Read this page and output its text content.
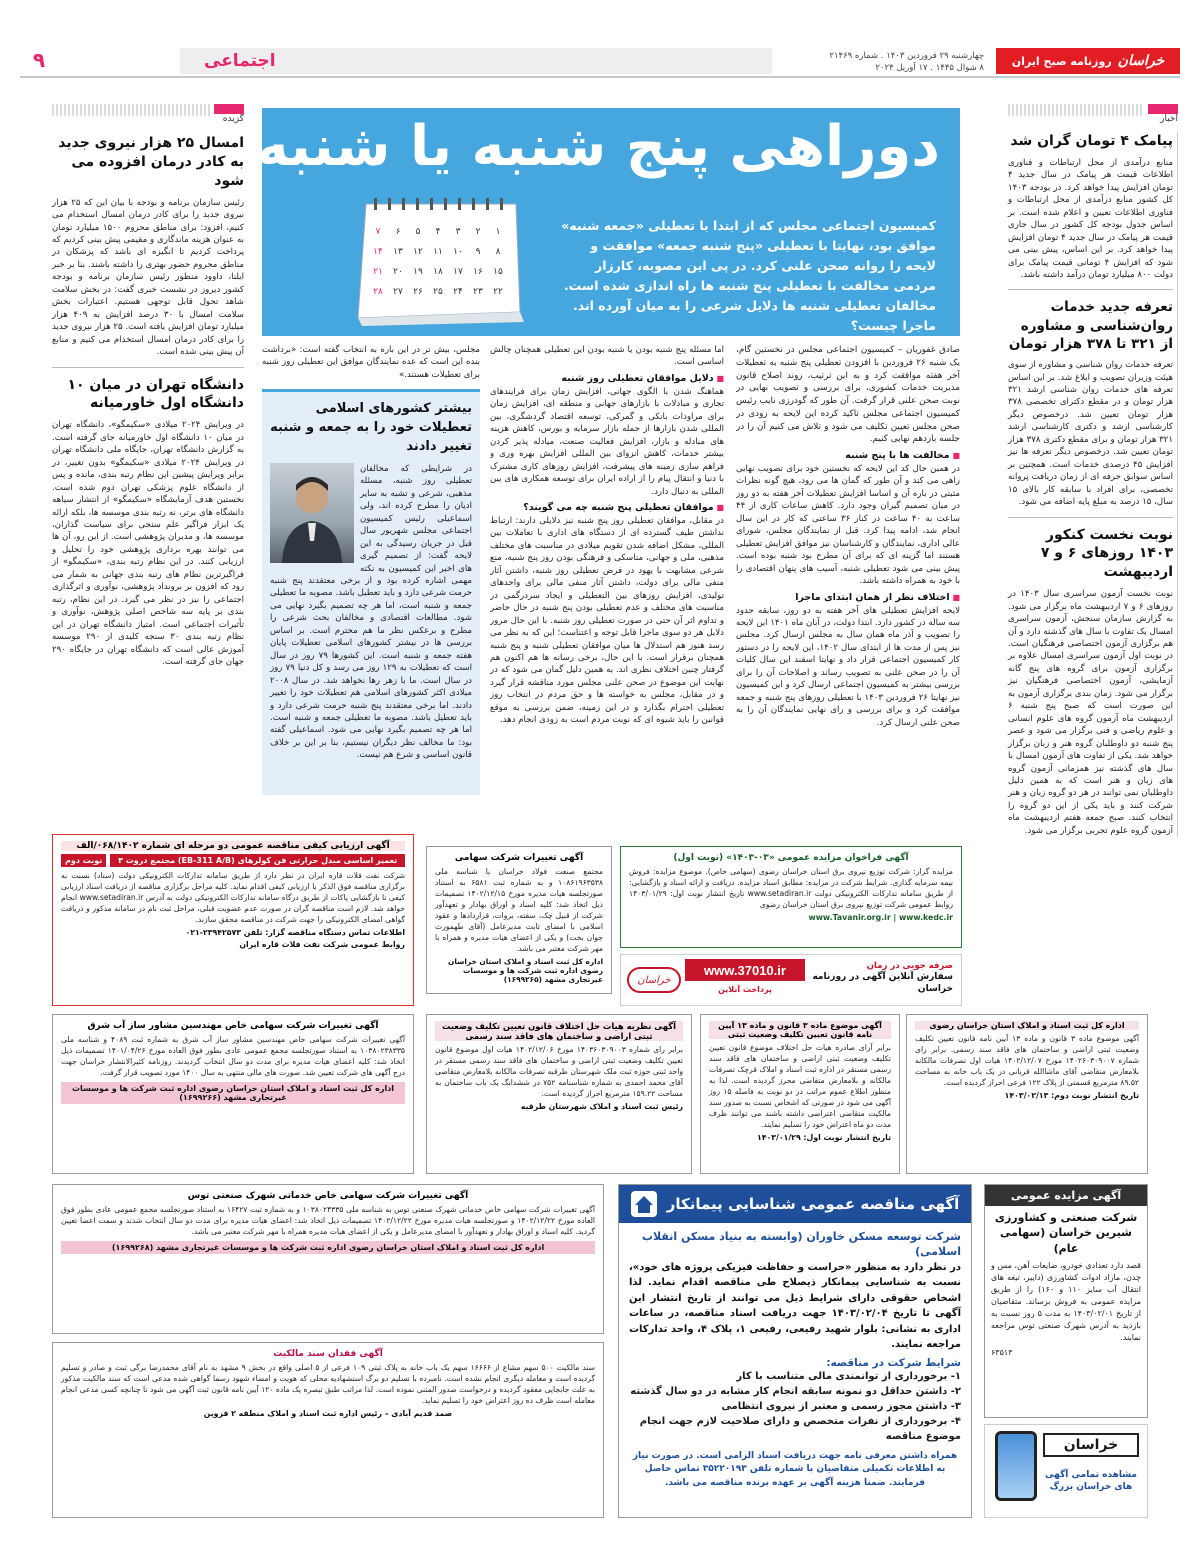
خراسان
روزنامه صبح ایران
چهارشنبه ۲۹ فروردین ۱۴۰۳ . شماره ۲۱۴۶۹
۸ شوال ۱۴۴۵ . ۱۷ آوریل ۲۰۲۴
اجتماعی
۹
اخبار
پیامک ۴ تومان گران شد

منابع درآمدی از محل ارتباطات و فناوری اطلاعات قیمت هر پیامک در سال جدید ۴ تومان افزایش پیدا خواهد کرد. در بودجه ۱۴۰۳ کل کشور منابع درآمدی از محل ارتباطات و فناوری اطلاعات تعیین و اعلام شده است. بر اساس جدول بودجه کل کشور در سال جاری قیمت هر پیامک در سال جدید ۴ تومان افزایش پیدا خواهد کرد. بر این اساس، پیش بینی می شود که افزایش ۴ تومانی قیمت پیامک برای دولت ۸۰۰ میلیارد تومان درآمد داشته باشد.

تعرفه جدید خدمات روان‌شناسی و مشاوره از ۳۲۱ تا ۳۷۸ هزار تومان

تعرفه خدمات روان شناسی و مشاوره از سوی هیئت وزیران تصویب و ابلاغ شد. بر این اساس تعرفه های خدمات روان شناسی ارشد ۳۲۱ هزار تومان و در مقطع دکترای تخصصی ۳۷۸ هزار تومان تعیین شد. درخصوص دیگر کارشناسی ارشد و دکتری کارشناسی ارشد ۳۲۱ هزار تومان و برای مقطع دکتری ۳۷۸ هزار تومان تعیین شد. درخصوص دیگر تعرفه ها نیز افزایش ۴۵ درصدی خدمات است. همچنین بر اساس سوابق حرفه ای از زمان دریافت پروانه تخصصی، برای افراد با سابقه کار بالای ۱۵ سال، ۱۵ درصد به مبلغ پایه اضافه می شود.

نوبت نخست کنکور ۱۴۰۳ روزهای ۶ و ۷ اردیبهشت

نوبت نخست آزمون سراسری سال ۱۴۰۳ در روزهای ۶ و ۷ اردیبهشت ماه برگزار می شود. به گزارش سازمان سنجش، آزمون سراسری امسال یک تفاوت با سال های گذشته دارد و آن هم برگزاری آزمون اختصاصی فرهنگیان است. در نوبت اول آزمون سراسری امسال علاوه بر برگزاری آزمون برای گروه های پنج گانه آزمایشی، آزمون اختصاصی فرهنگیان نیز برگزار می شود. زمان بندی برگزاری آزمون به این صورت است که صبح پنج شنبه ۶ اردیبهشت ماه آزمون گروه های علوم انسانی و علوم ریاضی و فنی برگزار می شود و عصر پنج شنبه دو داوطلبان گروه هنر و زبان برگزار خواهد شد. یکی از تفاوت های آزمون امسال با سال های گذشته نیز همزمانی آزمون گروه های زبان و هنر است که به همین دلیل داوطلبان نمی توانند در هر دو گروه زبان و هنر شرکت کنند و باید یکی از این دو گروه را انتخاب کنند. صبح جمعه هفتم اردیبهشت ماه آزمون گروه علوم تجربی برگزار می شود.

گزیده
امسال ۲۵ هزار نیروی جدید به کادر درمان افزوده می شود

رئیس سازمان برنامه و بودجه با بیان این که ۲۵ هزار نیروی جدید را برای کادر درمان امسال استخدام می کنیم، افزود: برای مناطق محروم ۱۵۰۰ میلیارد تومان به عنوان هزینه ماندگاری و مقیمی پیش بینی کردیم که پرداخت کردیم تا انگیزه ای باشد که پزشکان در مناطق محروم حضور بهتری را داشته باشند. بنا بر خبر ایلنا، داوود منظور رئیس سازمان برنامه و بودجه کشور دیروز در نشست خبری گفت: در بخش سلامت شاهد تحول قابل توجهی هستیم. اعتبارات بخش سلامت امسال با ۳۰ درصد افزایش به ۴۰۹ هزار میلیارد تومان افزایش یافته است. ۲۵ هزار نیروی جدید را برای کادر درمان امسال استخدام می کنیم و منابع آن پیش بینی شده است.

دانشگاه تهران در میان ۱۰ دانشگاه اول خاورمیانه

در ویرایش ۲۰۲۴ میلادی «سکیمگو»، دانشگاه تهران در میان ۱۰ دانشگاه اول خاورمیانه جای گرفته است. به گزارش دانشگاه تهران، جایگاه ملی دانشگاه تهران در ویرایش ۲۰۲۴ میلادی «سکیمگو» بدون تغییر، در برابر ویرایش پیشین این نظام رتبه بندی، مانده و پس از دانشگاه علوم پزشکی تهران دوم شده است. نخستین هدف آزمایشگاه «سکیمگو» از انتشار سیاهه دانشگاه های برتر، نه رتبه بندی موسسه ها، بلکه ارائه یک ابزار فراگیر علم سنجی برای سیاست گذاران، موسسه ها، و مدیران پژوهشی است. از این رو، آن ها می توانند بهره برداری پژوهشی خود را تحلیل و ارزیابی کنند. در این نظام رتبه بندی، «سکیمگو» از فراگیرترین نظام های رتبه بندی جهانی به شمار می رود که افزون بر برونداد پژوهشی، نوآوری و اثرگذاری اجتماعی را نیز در نظر می گیرد. در این نظام، رتبه بندی بر پایه سه شاخص اصلی پژوهش، نوآوری و تأثیرات اجتماعی است. امتیاز دانشگاه تهران در این نظام رتبه بندی ۳۰ سنجه کلیدی از ۲۹۰ موسسه آموزش عالی است که دانشگاه تهران در جایگاه ۲۹۰ جهان جای گرفته است.

دوراهی پنج شنبه یا شنبه
کمیسیون اجتماعی مجلس که از ابتدا با تعطیلی «جمعه شنبه» موافق بود، نهایتا با تعطیلی «پنج شنبه جمعه» موافقت و لایحه را روانه صحن علنی کرد. در پی این مصوبه، کارزار مردمی مخالفت با تعطیلی پنج شنبه ها راه اندازی شده است. مخالفان تعطیلی شنبه ها دلایل شرعی را به میان آورده اند. ماجرا چیست؟
۱
۲
۳
۴
۵
۶
۷
۸
۹
۱۰
۱۱
۱۲
۱۳
۱۴
۱۵
۱۶
۱۷
۱۸
۱۹
۲۰
۲۱
۲۲
۲۳
۲۴
۲۵
۲۶
۲۷
۲۸

صادق غفوریان – کمیسیون اجتماعی مجلس در نخستین گام، یک شنبه ۲۶ فروردین با افزودن تعطیلی پنج شنبه به تعطیلات آخر هفته موافقت کرد و به این ترتیب، روند اصلاح قانون مدیریت خدمات کشوری، برای بررسی و تصویب نهایی در نوبت صحن علنی قرار گرفت. آن طور که گودرزی نایب رئیس کمیسیون اجتماعی مجلس تاکید کرده این لایحه به زودی در صحن مجلس تعیین تکلیف می شود و تلاش می کنیم آن را در جلسه بازدهم نهایی کنیم.

■ مخالفت ها با پنج شنبه

در همین حال کد این لایحه که نخستین خود برای تصویب نهایی راهی می کند و آن طور که گمان ها می رود، هیچ گونه نظرات مثبتی در باره آن و اساسا افزایش تعطیلات آخر هفته به دو روز در میان تصمیم گیران وجود دارد. کاهش ساعات کاری از ۴۴ ساعت به ۴۰ ساعت در کنار ۳۶ ساعتی که کار در این سال انجام شد، ادامه پیدا کرد. قبل از نمایندگان مجلس، شورای عالی اداری، نمایندگان و کارشناسان نیز موافق افزایش تعطیلی هستند اما گزینه ای که برای آن مطرح بود شنبه بوده است. پیش بینی می شود تعطیلی شنبه، آسیب های پنهان اقتصادی را با خود به همراه داشته باشد.

■ اختلاف نظر از همان ابتدای ماجرا

لایحه افزایش تعطیلی های آخر هفته به دو روز، سابقه حدود سه ساله در کشور دارد. ابتدا دولت، در آبان ماه ۱۴۰۱ این لایحه را تصویب و آذر ماه همان سال به مجلس ارسال کرد. مجلس نیز پس از مدت ها از ابتدای سال ۱۴۰۲، این لایحه را در دستور کار کمیسیون اجتماعی قرار داد و نهایتا اسفند این سال کلیات آن را در صحن علنی به تصویب رساند و اصلاحات آن را برای بررسی بیشتر به کمیسیون اجتماعی ارسال کرد و این کمیسیون نیز نهایتا ۲۶ فروردین ۱۴۰۳ با تعطیلی روزهای پنج شنبه و جمعه موافقت کرد و برای بررسی و رای نهایی نمایندگان آن را به صحن علنی ارسال کرد.

اما مسئله پنج شنبه بودن یا شنبه بودن این تعطیلی همچنان چالش اساسی است.

■ دلایل موافقان تعطیلی روز شنبه

هماهنگ شدن با الگوی جهانی، افزایش زمان برای فرایندهای تجاری و مبادلات با بازارهای جهانی و منطقه ای، افزایش زمان برای مراودات بانکی و گمرکی، توسعه اقتصاد گردشگری، بین المللی شدن بازارها از جمله بازار سرمایه و بورس، کاهش هزینه های مبادله و بازار، افزایش فعالیت صنعت، میادله پذیر کردن بیشتر خدمات، کاهش انزوای بین المللی افزایش بهره وری و فراهم سازی زمینه های پیشرفت، افزایش روزهای کاری مشترک با دنیا و انتقال پیام را از اراده ایران برای توسعه همکاری های بین المللی به دنبال دارد.

■ موافقان تعطیلی پنج شنبه چه می گویند؟

در مقابل، موافقان تعطیلی روز پنج شنبه نیز دلایلی دارند: ارتباط نداشتن طیف گسترده ای از دستگاه های اداری با تعاملات بین المللی، مشکل اضافه شدن تقویم میلادی در مناسبت های مختلف مذهبی، ملی و جهانی، مناسکی و فرهنگی بودن روز پنج شنبه، منع شرعی مشابهت با یهود در فرض تعطیلی روز شنبه، داشتن آثار منفی مالی برای دولت، داشتن آثار منفی مالی برای واحدهای تولیدی، افزایش روزهای بین التعطیلی و ایجاد سردرگمی در مناسبت های مختلف و عدم تعطیلی بودن پنج شنبه در حال حاضر و تداوم اثر آن حتی در صورت تعطیلی روز شنبه. با این حال مرور دلایل هر دو سوی ماجرا قابل توجه و اعتناست؛ این که به نظر می رسد هنوز هم استدلال ها میان موافقان تعطیلی شنبه و پنج شنبه همچنان برقرار است. با این حال، برخی رسانه ها هم اکنون هم گرفتار چنین اختلاف نظری اند. به همین دلیل گمان می شود که در نهایت این موضوع در صحن علنی مجلس مورد مناقشه قرار گیرد و در مقابل، مجلس به خواسته ها و حق مردم در انتخاب روز تعطیلی احترام بگذارد و در این زمینه، ضمن بررسی به موقع قوانین را باید شیوه ای که نوبت مردم است به زودی انجام دهد.

مجلس، بیش تر در این باره به انتخاب گفته است: «برداشت بنده این است که عده نمایندگان موافق این تعطیلی روز شنبه برای تعطیلات هستند.»

بیشتر کشورهای اسلامی تعطیلات خود را به جمعه و شنبه تغییر دادند

در شرایطی که مخالفان تعطیلی روز شنبه، مسئله مذهبی، شرعی و تشبه به سایر ادیان را مطرح کرده اند، ولی اسماعیلی رئیس کمیسیون اجتماعی مجلس شهریور سال قبل در جریان رسیدگی به این لایحه گفت: از تصمیم گیری های اخیر این کمیسیون به نکته مهمی اشاره کرده بود و از برخی معتقدند پنج شنبه حرمت شرعی دارد و باید تعطیل باشد. مصوبه ما تعطیلی جمعه و شنبه است، اما هر چه تصمیم بگیرد نهایی می شود. مطالعات اقتصادی و مخالفان بحث شرعی را مطرح و برعکس نظر ما هم محترم است. بر اساس بررسی ها در بیشتر کشورهای اسلامی تعطیلات پایان هفته جمعه و شنبه است. این کشورها ۷۹ روز در سال است که تعطیلات به ۱۲۹ روز می رسد و کل دنیا ۷۹ روز در سال است. ما با زهر رها نخواهد شد. در سال ۲۰۰۸ میلادی اکثر کشورهای اسلامی هم تعطیلات خود را تغییر دادند. اما برخی معتقدند پنج شنبه حرمت شرعی دارد و باید تعطیل باشد. مصوبه ما تعطیلی جمعه و شنبه است. اما هر چه تصمیم بگیرد نهایی می شود. اسماعیلی گفته بود: ما مخالف نظر دیگران نیستیم، بنا بر این بر خلاف قانون اساسی و شرع هم نیست.

آگهی ارزیابی کیفی مناقصه عمومی دو مرحله ای شماره ۰۶۸/۱۴۰۲/الف
تعمیر اساسی مبدل حرارتی فن کولرهای (EB-311 A/B) مجتمع دروت ۳
نوبت دوم
شرکت نفت فلات قاره ایران در نظر دارد از طریق سامانه تدارکات الکترونیکی دولت (ستاد) نسبت به برگزاری مناقصه فوق الذکر با ارزیابی کیفی اقدام نماید. کلیه مراحل برگزاری مناقصه از دریافت اسناد ارزیابی کیفی تا بازگشایی پاکات از طریق درگاه سامانه تدارکات الکترونیکی دولت به آدرس www.setadiran.ir انجام خواهد شد. لازم است مناقصه گران در صورت عدم عضویت قبلی، مراحل ثبت نام در سامانه مذکور و دریافت گواهی امضای الکترونیکی را جهت شرکت در مناقصه محقق سازند.
اطلاعات تماس دستگاه مناقصه گزار: تلفن ۲۳۹۴۲۵۷۳-۰۲۱
روابط عمومی شرکت نفت فلات قاره ایران
آگهی تغییرات شرکت سهامی
مجتمع صنعت فولاد خراسان با شناسه ملی ۱۰۸۶۱۹۶۳۵۳۸ و به شماره ثبت ۶۵۸۱ به استناد صورتجلسه هیات مدیره مورخ ۱۴۰۲/۱۲/۱۵ تصمیمات ذیل اتخاذ شد: کلیه اسناد و اوراق بهادار و تعهدآور شرکت از قبیل چک، سفته، بروات، قراردادها و عقود اسلامی با امضای ثابت مدیرعامل (آقای طهمورث جوان بخت) و یکی از اعضای هیات مدیره و همراه با مهر شرکت معتبر می باشد.
اداره کل ثبت اسناد و املاک استان خراسان رضوی اداره ثبت شرکت ها و موسسات غیرتجاری مشهد (۱۶۹۹۲۶۵)
آگهی فراخوان مزایده عمومی «۰۳-۱۴۰۳» (نوبت اول)
مزایده گزار: شرکت توزیع نیروی برق استان خراسان رضوی (سهامی خاص). موضوع مزایده: فروش نیمه سرمایه گذاری. شرایط شرکت در مزایده: مطابق اسناد مزایده. دریافت و ارائه اسناد و بازگشایی: از طریق سامانه تدارکات الکترونیکی دولت www.setadiran.ir تاریخ انتشار نوبت اول: ۱۴۰۳/۰۱/۲۹ روابط عمومی شرکت توزیع نیروی برق استان خراسان رضوی
www.Tavanir.org.ir | www.kedc.ir
صرفه جویی در زمان
سفارش آنلاین آگهی در روزنامه خراسان
www.37010.ir
پرداخت آنلاین
خراسان
آگهی تغییرات شرکت سهامی خاص مهندسین مشاور ساز آب شرق
آگهی تغییرات شرکت سهامی خاص مهندسین مشاور ساز آب شرق به شماره ثبت ۴۰۸۹ و شناسه ملی ۱۰۳۸۰۲۳۸۳۳۵ به استناد صورتجلسه مجمع عمومی عادی بطور فوق العاده مورخ ۱۴۰۱/۰۴/۲۶ تصمیمات ذیل اتخاذ شد: کلیه اعضای هیات مدیره برای مدت دو سال انتخاب گردیدند. روزنامه کثیرالانتشار خراسان جهت درج آگهی های شرکت تعیین شد. صورت های مالی منتهی به سال ۱۴۰۰ مورد تصویب قرار گرفت.
اداره کل ثبت اسناد و املاک استان خراسان رضوی اداره ثبت شرکت ها و موسسات غیرتجاری مشهد (۱۶۹۹۲۶۶)
آگهی نظریه هیات حل اختلاف قانون تعیین تکلیف وضعیت ثبتی اراضی و ساختمان های فاقد سند رسمی
برابر رای شماره ۱۴۰۳۶۰۳۰۹۰۰۳ مورخ ۱۴۰۲/۱۲/۰۶ هیات اول موضوع قانون تعیین تکلیف وضعیت ثبتی اراضی و ساختمان های فاقد سند رسمی مستقر در واحد ثبتی حوزه ثبت ملک شهرستان طرقبه تصرفات مالکانه بلامعارض متقاضی آقای محمد احمدی به شماره شناسنامه ۷۵۲ در ششدانگ یک باب ساختمان به مساحت ۱۵۹.۲۲ مترمربع احراز گردیده است.
رئیس ثبت اسناد و املاک شهرستان طرقبه
آگهی موضوع ماده ۳ قانون و ماده ۱۳ آیین نامه قانون تعیین تکلیف وضعیت ثبتی
برابر آرای صادره هیات حل اختلاف موضوع قانون تعیین تکلیف وضعیت ثبتی اراضی و ساختمان های فاقد سند رسمی مستقر در اداره ثبت اسناد و املاک قرچک تصرفات مالکانه و بلامعارض متقاضی محرز گردیده است. لذا به منظور اطلاع عموم مراتب در دو نوبت به فاصله ۱۵ روز آگهی می شود در صورتی که اشخاص نسبت به صدور سند مالکیت متقاضی اعتراضی داشته باشند می توانند ظرف مدت دو ماه اعتراض خود را تسلیم نمایند.
تاریخ انتشار نوبت اول: ۱۴۰۳/۰۱/۲۹
اداره کل ثبت اسناد و املاک استان خراسان رضوی
آگهی موضوع ماده ۳ قانون و ماده ۱۳ آیین نامه قانون تعیین تکلیف وضعیت ثبتی اراضی و ساختمان های فاقد سند رسمی. برابر رای شماره ۱۴۰۲۶۰۳۰۹۰۰۷ مورخ ۱۴۰۲/۱۲/۰۷ هیات اول تصرفات مالکانه بلامعارض متقاضی آقای ماشاالله قربانی در یک باب خانه به مساحت ۸۹.۵۲ مترمربع قسمتی از پلاک ۱۲۲ فرعی احراز گردیده است.
تاریخ انتشار نوبت دوم: ۱۴۰۳/۰۲/۱۳
آگهی تغییرات شرکت سهامی خاص خدماتی شهرک صنعتی توس
آگهی تغییرات شرکت سهامی خاص خدماتی شهرک صنعتی توس به شناسه ملی ۱۰۳۸۰۲۴۳۳۵ و به شماره ثبت ۱۶۴۲۷ به استناد صورتجلسه مجمع عمومی عادی بطور فوق العاده مورخ ۱۴۰۲/۱۲/۲۲ و صورتجلسه هیات مدیره مورخ ۱۴۰۲/۱۲/۲۲ تصمیمات ذیل اتخاذ شد: اعضای هیات مدیره برای مدت دو سال انتخاب شدند و سمت اعضا تعیین گردید. کلیه اسناد و اوراق بهادار و تعهدآور با امضای مدیرعامل و یکی از اعضای هیات مدیره همراه با مهر شرکت معتبر می باشد.
اداره کل ثبت اسناد و املاک استان خراسان رضوی اداره ثبت شرکت ها و موسسات غیرتجاری مشهد (۱۶۹۹۲۶۸)
آگهی فقدان سند مالکیت
سند مالکیت ۵۰۰ سهم مشاع از ۱۶۶۶۶ سهم یک باب خانه به پلاک ثبتی ۱۰۹ فرعی از ۵ اصلی واقع در بخش ۹ مشهد به نام آقای محمدرضا برگی ثبت و صادر و تسلیم گردیده است و معامله دیگری انجام نشده است. نامبرده با تسلیم دو برگ استشهادیه محلی که هویت و امضاء شهود رسما گواهی شده مدعی است که سند مالکیت مذکور به علت جابجایی مفقود گردیده و درخواست صدور المثنی نموده است. لذا مراتب طبق تبصره یک ماده ۱۲۰ آیین نامه قانون ثبت آگهی می شود تا چنانچه کسی مدعی انجام معامله است ظرف ده روز اعتراض خود را تسلیم نماید.
صمد قدیم آبادی – رئیس اداره ثبت اسناد و املاک منطقه ۲ قزوین
آگهی مناقصه عمومی شناسایی پیمانکار
شرکت توسعه مسکن خاوران (وابسته به بنیاد مسکن انقلاب اسلامی)
در نظر دارد به منظور «حراست و حفاظت فیزیکی پروژه های خود»، نسبت به شناسایی پیمانکار ذیصلاح طی مناقصه اقدام نماید. لذا اشخاص حقوقی دارای شرایط ذیل می توانند از تاریخ انتشار این آگهی تا تاریخ ۱۴۰۳/۰۲/۰۴ جهت دریافت اسناد مناقصه، در ساعات اداری به نشانی: بلوار شهید رفیعی، رفیعی ۱، پلاک ۴، واحد تدارکات مراجعه نمایند.
شرایط شرکت در مناقصه:
۱- برخورداری از توانمندی مالی متناسب با کار
۲- داشتن حداقل دو نمونه سابقه انجام کار مشابه در دو سال گذشته
۳- داشتن مجوز رسمی و معتبر از نیروی انتظامی
۴- برخورداری از نفرات متخصص و دارای صلاحیت لازم جهت انجام موضوع مناقصه
همراه داشتن معرفی نامه جهت دریافت اسناد الزامی است. در صورت نیاز به اطلاعات تکمیلی متقاضیان با شماره تلفن ۳۵۲۲۰۱۹۳ تماس حاصل فرمایند. ضمنا هزینه آگهی بر عهده برنده مناقصه می باشد.
آگهی مزایده عمومی
شرکت صنعتی و کشاورزی شیرین خراسان (سهامی عام)
قصد دارد تعدادی خودرو، ضایعات آهن، مس و چدن، مازاد ادوات کشاورزی (داییر، تیغه های انتقال آب سایز ۱۱۰ و ۱۶۰) را از طریق مزایده عمومی به فروش برساند. متقاضیان از تاریخ ۱۴۰۳/۰۲/۰۱ به مدت ۵ روز نسبت به بازدید به آدرس شهرک صنعتی توس مراجعه نمایند.
۶۳۵۱۳
خراسان
مشاهده تمامی آگهی های خراسان بزرگ
